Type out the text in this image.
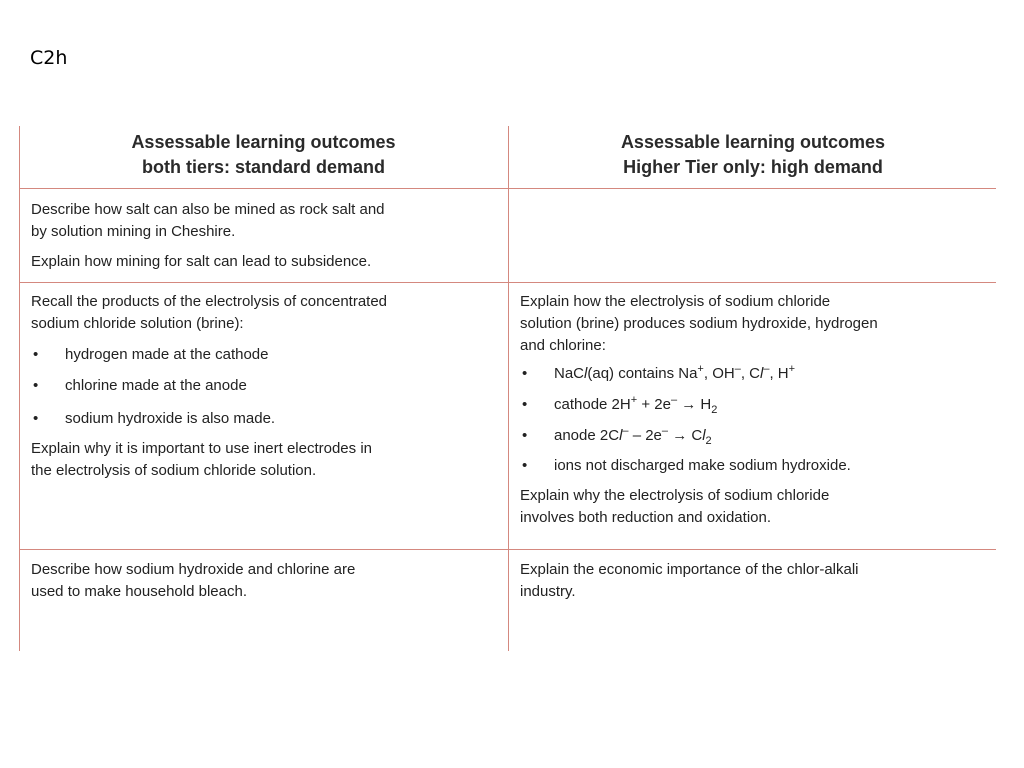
C2h
Assessable learning outcomes
both tiers: standard demand
Assessable learning outcomes
Higher Tier only: high demand

Describe how salt can also be mined as rock salt and

by solution mining in Cheshire.

Explain how mining for salt can lead to subsidence.

Recall the products of the electrolysis of concentrated

sodium chloride solution (brine):

• hydrogen made at the cathode
• chlorine made at the anode
• sodium hydroxide is also made.

Explain why it is important to use inert electrodes in

the electrolysis of sodium chloride solution.

Explain how the electrolysis of sodium chloride

solution (brine) produces sodium hydroxide, hydrogen

and chlorine:

• NaCl(aq) contains Na+, OH–, Cl–, H+
• cathode $2H^+ + 2e^- \to H_2$
• anode $2Cl^- - 2e^- \to Cl_2$
• ions not discharged make sodium hydroxide.

Explain why the electrolysis of sodium chloride

involves both reduction and oxidation.

Describe how sodium hydroxide and chlorine are

used to make household bleach.

Explain the economic importance of the chlor-alkali

industry.
